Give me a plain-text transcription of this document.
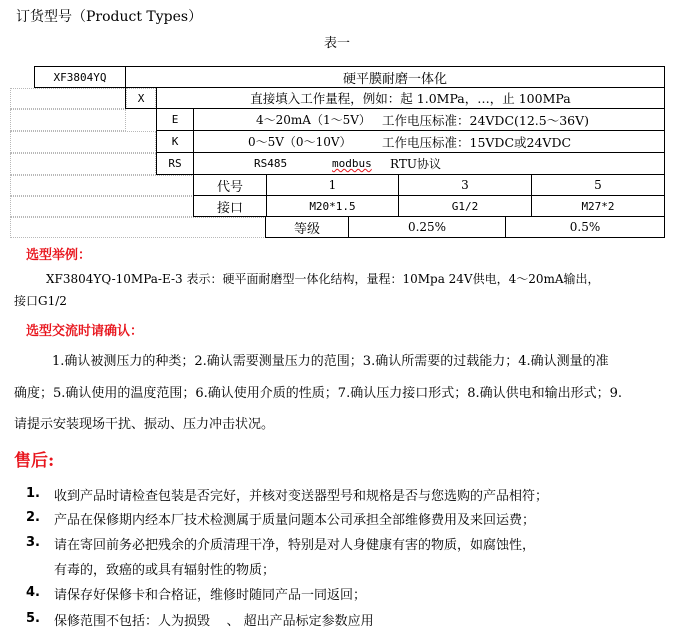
订货型号（Product Types）
表一
XF3804YQ	硬平膜耐磨一体化
X	直接填入工作量程，例如：起 1.0MPa，…，止 100MPa
E	4～20mA（1～5V） 工作电压标准：24VDC(12.5～36V)
K	0～5V（0～10V） 工作电压标准：15VDC或24VDC
RS	RS485	modbus RTU协议
代号	1	3	5
接口	M20*1.5	G1/2	M27*2
等级	0.25%	0.5%
选型举例：
XF3804YQ-10MPa-E-3 表示：硬平面耐磨型一体化结构，量程：10Mpa 24V供电，4～20mA输出，
接口G1/2
选型交流时请确认：
1.确认被测压力的种类；2.确认需要测量压力的范围；3.确认所需要的过载能力；4.确认测量的准
确度；5.确认使用的温度范围；6.确认使用介质的性质；7.确认压力接口形式；8.确认供电和输出形式；9.
请提示安装现场干扰、振动、压力冲击状况。
售后:
1. 收到产品时请检查包装是否完好，并核对变送器型号和规格是否与您选购的产品相符；
2. 产品在保修期内经本厂技术检测属于质量问题本公司承担全部维修费用及来回运费；
3. 请在寄回前务必把残余的介质清理干净，特别是对人身健康有害的物质，如腐蚀性，
有毒的，致癌的或具有辐射性的物质；
4. 请保存好保修卡和合格证，维修时随同产品一同返回；
5. 保修范围不包括：人为损毁    、 超出产品标定参数应用
